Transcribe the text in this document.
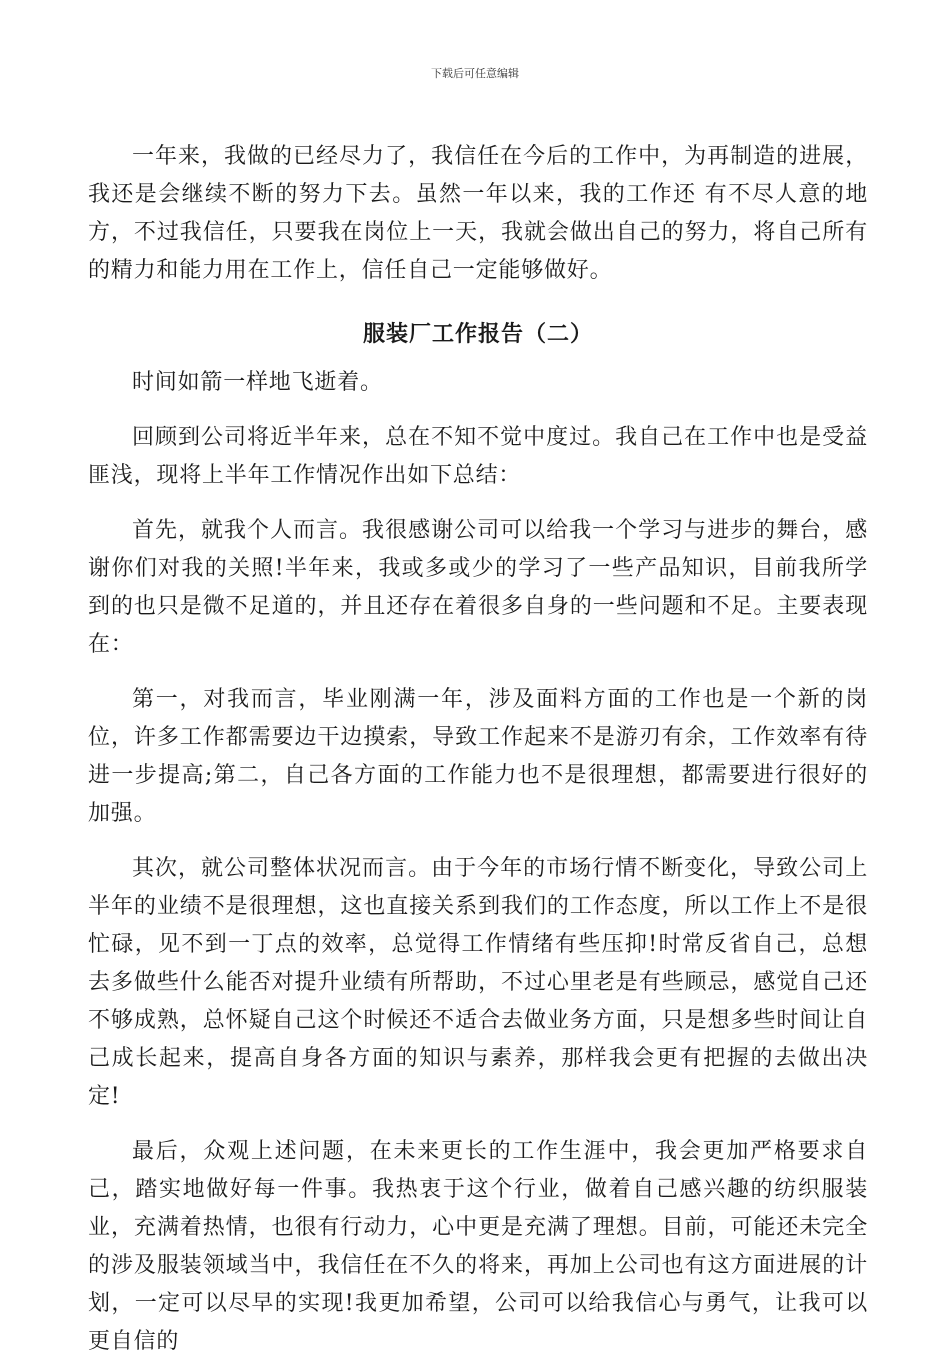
下载后可任意编辑

一年来，我做的已经尽力了，我信任在今后的工作中，为再制造的进展，我还是会继续不断的努力下去。虽然一年以来，我的工作还 有不尽人意的地方，不过我信任，只要我在岗位上一天，我就会做出自己的努力，将自己所有的精力和能力用在工作上，信任自己一定能够做好。

服装厂工作报告（二）

时间如箭一样地飞逝着。

回顾到公司将近半年来，总在不知不觉中度过。我自己在工作中也是受益匪浅，现将上半年工作情况作出如下总结：

首先，就我个人而言。我很感谢公司可以给我一个学习与进步的舞台，感谢你们对我的关照!半年来，我或多或少的学习了一些产品知识，目前我所学到的也只是微不足道的，并且还存在着很多自身的一些问题和不足。主要表现在：

第一，对我而言，毕业刚满一年，涉及面料方面的工作也是一个新的岗位，许多工作都需要边干边摸索，导致工作起来不是游刃有余，工作效率有待进一步提高;第二，自己各方面的工作能力也不是很理想，都需要进行很好的加强。

其次，就公司整体状况而言。由于今年的市场行情不断变化，导致公司上半年的业绩不是很理想，这也直接关系到我们的工作态度，所以工作上不是很忙碌，见不到一丁点的效率，总觉得工作情绪有些压抑!时常反省自己，总想去多做些什么能否对提升业绩有所帮助，不过心里老是有些顾忌，感觉自己还不够成熟，总怀疑自己这个时候还不适合去做业务方面，只是想多些时间让自己成长起来，提高自身各方面的知识与素养，那样我会更有把握的去做出决定!

最后，众观上述问题，在未来更长的工作生涯中，我会更加严格要求自己，踏实地做好每一件事。我热衷于这个行业，做着自己感兴趣的纺织服装业，充满着热情，也很有行动力，心中更是充满了理想。目前，可能还未完全的涉及服装领域当中，我信任在不久的将来，再加上公司也有这方面进展的计划，一定可以尽早的实现!我更加希望，公司可以给我信心与勇气，让我可以更自信的
